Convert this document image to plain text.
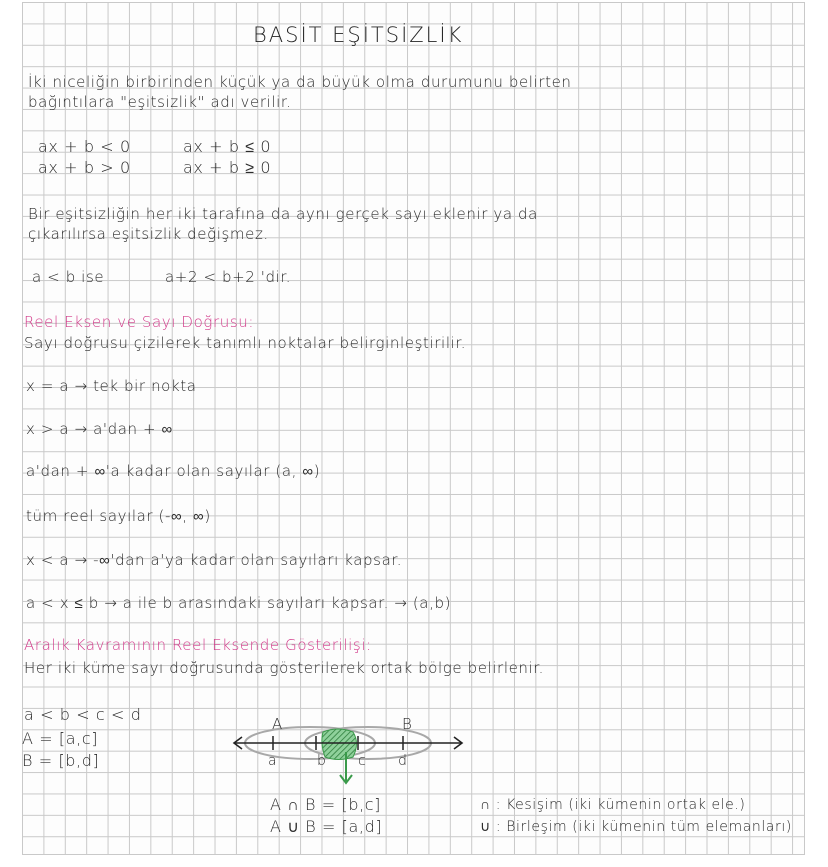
BASİT EŞİTSİZLİK
İki niceliğin birbirinden küçük ya da büyük olma durumunu belirten
bağıntılara "eşitsizlik" adı verilir.
ax + b < 0	ax + b ≤ 0
ax + b > 0	ax + b ≥ 0
Bir eşitsizliğin her iki tarafına da aynı gerçek sayı eklenir ya da
çıkarılırsa eşitsizlik değişmez.
a < b ise	a+2 < b+2 'dir.
Reel Eksen ve Sayı Doğrusu:
Sayı doğrusu çizilerek tanımlı noktalar belirginleştirilir.
x = a → tek bir nokta
x > a → a'dan + ∞
a'dan + ∞'a kadar olan sayılar (a, ∞)
tüm reel sayılar (-∞, ∞)
x < a → -∞'dan a'ya kadar olan sayıları kapsar.
a < x ≤ b → a ile b arasındaki sayıları kapsar. → (a,b)
Aralık Kavramının Reel Eksende Gösterilişi:
Her iki küme sayı doğrusunda gösterilerek ortak bölge belirlenir.
a < b < c < d
A = [a,c]
B = [b,d]
A	B
a	b c d
A ∩ B = [b,c]
A ∪ B = [a,d]
∩ : Kesişim (iki kümenin ortak ele.)
∪ : Birleşim (iki kümenin tüm elemanları)
